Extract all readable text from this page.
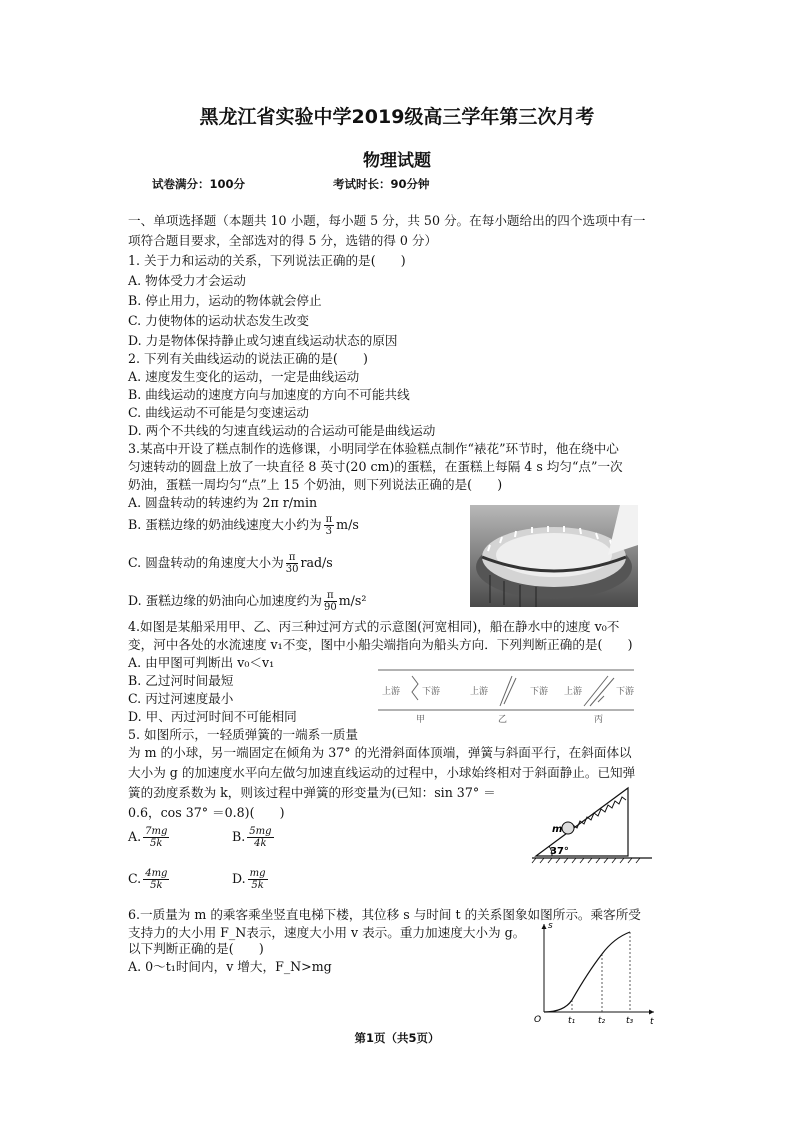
黑龙江省实验中学2019级高三学年第三次月考
物理试题
试卷满分：100分	考试时长：90分钟
一、单项选择题（本题共 10 小题，每小题 5 分，共 50 分。在每小题给出的四个选项中有一
项符合题目要求，全部选对的得 5 分，选错的得 0 分）
1. 关于力和运动的关系，下列说法正确的是(　　)
A. 物体受力才会运动
B. 停止用力，运动的物体就会停止
C. 力使物体的运动状态发生改变
D. 力是物体保持静止或匀速直线运动状态的原因
2. 下列有关曲线运动的说法正确的是(　　)
A. 速度发生变化的运动，一定是曲线运动
B. 曲线运动的速度方向与加速度的方向不可能共线
C. 曲线运动不可能是匀变速运动
D. 两个不共线的匀速直线运动的合运动可能是曲线运动
3.某高中开设了糕点制作的选修课，小明同学在体验糕点制作“裱花”环节时，他在绕中心
匀速转动的圆盘上放了一块直径 8 英寸(20 cm)的蛋糕，在蛋糕上每隔 4 s 均匀“点”一次
奶油，蛋糕一周均匀“点”上 15 个奶油，则下列说法正确的是(　　)
A. 圆盘转动的转速约为 2π r/min
B. 蛋糕边缘的奶油线速度大小约为 $\frac{\pi}{3} m/s$
C. 圆盘转动的角速度大小为 $\frac{\pi}{30} rad/s$
D. 蛋糕边缘的奶油向心加速度约为 $\frac{\pi}{90} m/s^2$
4.如图是某船采用甲、乙、丙三种过河方式的示意图(河宽相同)，船在静水中的速度 v₀不
变，河中各处的水流速度 v₁不变，图中小船尖端指向为船头方向．下列判断正确的是(　　)
A. 由甲图可判断出 v₀＜v₁
B. 乙过河时间最短
C. 丙过河速度最小
D. 甲、丙过河时间不可能相同
上游 下游	上游	下游 上游	下游
甲	乙	丙
5. 如图所示，一轻质弹簧的一端系一质量
为 m 的小球，另一端固定在倾角为 37° 的光滑斜面体顶端，弹簧与斜面平行，在斜面体以
大小为 g 的加速度水平向左做匀加速直线运动的过程中，小球始终相对于斜面静止。已知弹
簧的劲度系数为 k，则该过程中弹簧的形变量为(已知：sin 37° ＝
0.6，cos 37° ＝0.8)(　　)
A. $\frac{7mg}{5k}$	B. $\frac{5mg}{4k}$
C. $\frac{4mg}{5k}$	D. $\frac{mg}{5k}$
m
37°
6.一质量为 m 的乘客乘坐竖直电梯下楼，其位移 s 与时间 t 的关系图象如图所示。乘客所受
支持力的大小用 F_N表示，速度大小用 v 表示。重力加速度大小为 g。
以下判断正确的是(　　)
A. 0～t₁时间内，v 增大，F_N>mg
s
t
O	t₁	t₂ t₃
第1页（共5页）
